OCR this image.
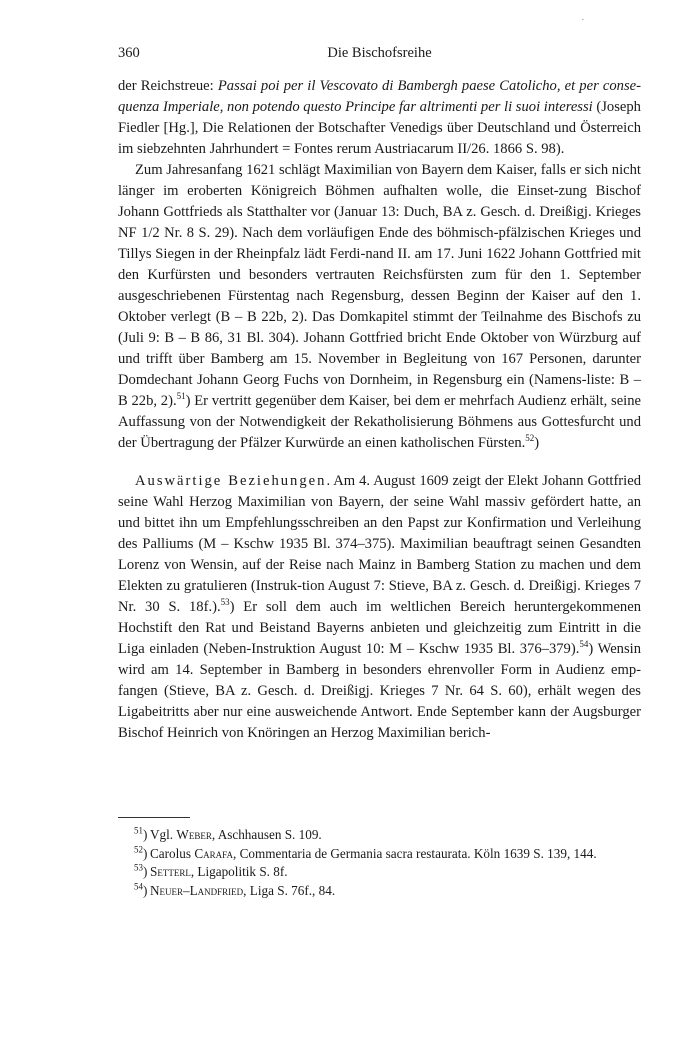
·
360	Die Bischofsreihe

der Reichstreue: Passai poi per il Vescovato di Bambergh paese Catolicho, et per conse-quenza Imperiale, non potendo questo Principe far altrimenti per li suoi interessi (Joseph Fiedler [Hg.], Die Relationen der Botschafter Venedigs über Deutschland und Österreich im siebzehnten Jahrhundert = Fontes rerum Austriacarum II/26. 1866 S. 98).

Zum Jahresanfang 1621 schlägt Maximilian von Bayern dem Kaiser, falls er sich nicht länger im eroberten Königreich Böhmen aufhalten wolle, die Einset-zung Bischof Johann Gottfrieds als Statthalter vor (Januar 13: Duch, BA z. Gesch. d. Dreißigj. Krieges NF 1/2 Nr. 8 S. 29). Nach dem vorläufigen Ende des böhmisch-pfälzischen Krieges und Tillys Siegen in der Rheinpfalz lädt Ferdi-nand II. am 17. Juni 1622 Johann Gottfried mit den Kurfürsten und besonders vertrauten Reichsfürsten zum für den 1. September ausgeschriebenen Fürstentag nach Regensburg, dessen Beginn der Kaiser auf den 1. Oktober verlegt (B – B 22b, 2). Das Domkapitel stimmt der Teilnahme des Bischofs zu (Juli 9: B – B 86, 31 Bl. 304). Johann Gottfried bricht Ende Oktober von Würzburg auf und trifft über Bamberg am 15. November in Begleitung von 167 Personen, darunter Domdechant Johann Georg Fuchs von Dornheim, in Regensburg ein (Namens-liste: B – B 22b, 2).$^{51}$) Er vertritt gegenüber dem Kaiser, bei dem er mehrfach Audienz erhält, seine Auffassung von der Notwendigkeit der Rekatholisierung Böhmens aus Gottesfurcht und der Übertragung der Pfälzer Kurwürde an einen katholischen Fürsten.$^{52}$)

Auswärtige Beziehungen. Am 4. August 1609 zeigt der Elekt Johann Gottfried seine Wahl Herzog Maximilian von Bayern, der seine Wahl massiv gefördert hatte, an und bittet ihn um Empfehlungsschreiben an den Papst zur Konfirmation und Verleihung des Palliums (M – Kschw 1935 Bl. 374–375). Maximilian beauftragt seinen Gesandten Lorenz von Wensin, auf der Reise nach Mainz in Bamberg Station zu machen und dem Elekten zu gratulieren (Instruk-tion August 7: Stieve, BA z. Gesch. d. Dreißigj. Krieges 7 Nr. 30 S. 18f.).$^{53}$) Er soll dem auch im weltlichen Bereich heruntergekommenen Hochstift den Rat und Beistand Bayerns anbieten und gleichzeitig zum Eintritt in die Liga einladen (Neben-Instruktion August 10: M – Kschw 1935 Bl. 376–379).$^{54}$) Wensin wird am 14. September in Bamberg in besonders ehrenvoller Form in Audienz emp-fangen (Stieve, BA z. Gesch. d. Dreißigj. Krieges 7 Nr. 64 S. 60), erhält wegen des Ligabeitritts aber nur eine ausweichende Antwort. Ende September kann der Augsburger Bischof Heinrich von Knöringen an Herzog Maximilian berich-

$^{51}$) Vgl. Weber, Aschhausen S. 109.
$^{52}$) Carolus Carafa, Commentaria de Germania sacra restaurata. Köln 1639 S. 139, 144.
$^{53}$) Setterl, Ligapolitik S. 8f.
$^{54}$) Neuer–Landfried, Liga S. 76f., 84.
